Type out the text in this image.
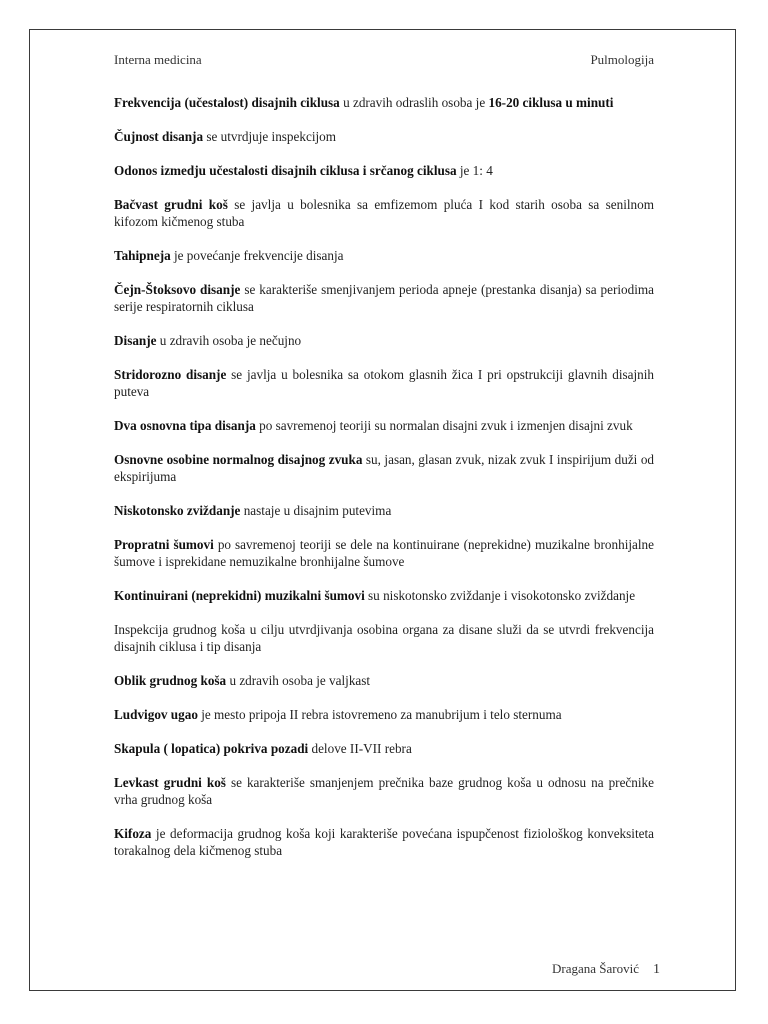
Interna medicina	Pulmologija

Frekvencija (učestalost) disajnih ciklusa u zdravih odraslih osoba je 16-20 ciklusa u minuti

Čujnost disanja se utvrdjuje inspekcijom

Odonos izmedju učestalosti disajnih ciklusa i srčanog ciklusa je 1: 4

Bačvast grudni koš se javlja u bolesnika sa emfizemom pluća I kod starih osoba sa senilnom kifozom kičmenog stuba

Tahipneja je povećanje frekvencije disanja

Čejn-Štoksovo disanje se karakteriše smenjivanjem perioda apneje (prestanka disanja) sa periodima serije respiratornih ciklusa

Disanje u zdravih osoba je nečujno

Stridorozno disanje se javlja u bolesnika sa otokom glasnih žica I pri opstrukciji glavnih disajnih puteva

Dva osnovna tipa disanja po savremenoj teoriji su normalan disajni zvuk i izmenjen disajni zvuk

Osnovne osobine normalnog disajnog zvuka su, jasan, glasan zvuk, nizak zvuk I inspirijum duži od ekspirijuma

Niskotonsko zviždanje nastaje u disajnim putevima

Propratni šumovi po savremenoj teoriji se dele na kontinuirane (neprekidne) muzikalne bronhijalne šumove i isprekidane nemuzikalne bronhijalne šumove

Kontinuirani (neprekidni) muzikalni šumovi su niskotonsko zviždanje i visokotonsko zviždanje

Inspekcija grudnog koša u cilju utvrdjivanja osobina organa za disane služi da se utvrdi frekvencija disajnih ciklusa i tip disanja

Oblik grudnog koša u zdravih osoba je valjkast

Ludvigov ugao je mesto pripoja II rebra istovremeno za manubrijum i telo sternuma

Skapula ( lopatica) pokriva pozadi delove II-VII rebra

Levkast grudni koš se karakteriše smanjenjem prečnika baze grudnog koša u odnosu na prečnike vrha grudnog koša

Kifoza je deformacija grudnog koša koji karakteriše povećana ispupčenost fiziološkog konveksiteta torakalnog dela kičmenog stuba

Dragana Šarović 1
